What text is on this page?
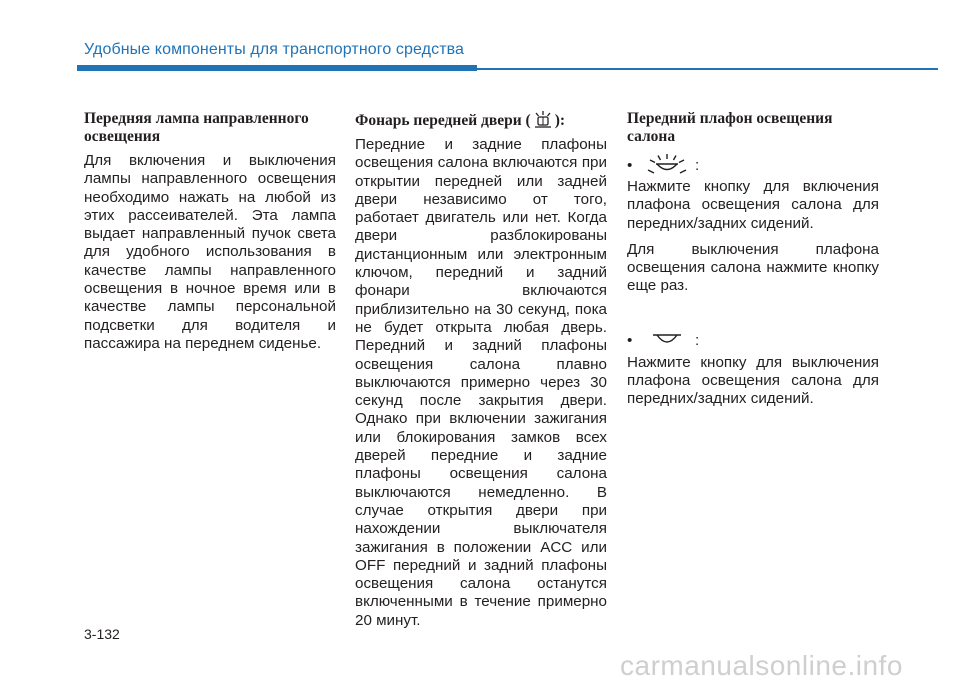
Удобные компоненты для транспортного средства
Передняя лампа направленного освещения

Для включения и выключения лампы направленного освещения необходимо нажать на любой из этих рассеивателей. Эта лампа выдает направленный пучок света для удобного использования в качестве лампы направленного освещения в ночное время или в качестве лампы персональной подсветки для водителя и пассажира на переднем сиденье.

Фонарь передней двери ( ):

Передние и задние плафоны освещения салона включаются при открытии передней или задней двери независимо от того, работает двигатель или нет. Когда двери разблокированы дистанционным или электронным ключом, передний и задний фонари включаются приблизительно на 30 секунд, пока не будет открыта любая дверь. Передний и задний плафоны освещения салона плавно выключаются примерно через 30 секунд после закрытия двери. Однако при включении зажигания или блокирования замков всех дверей передние и задние плафоны освещения салона выключаются немедленно. В случае открытия двери при нахождении выключателя зажигания в положении ACC или OFF передний и задний плафоны освещения салона останутся включенными в течение примерно 20 минут.

Передний плафон освещения салона
•	:

Нажмите кнопку для включения плафона освещения салона для передних/задних сидений.

Для выключения плафона освещения салона нажмите кнопку еще раз.

•	:

Нажмите кнопку для выключения плафона освещения салона для передних/задних сидений.

3-132
carmanualsonline.info
